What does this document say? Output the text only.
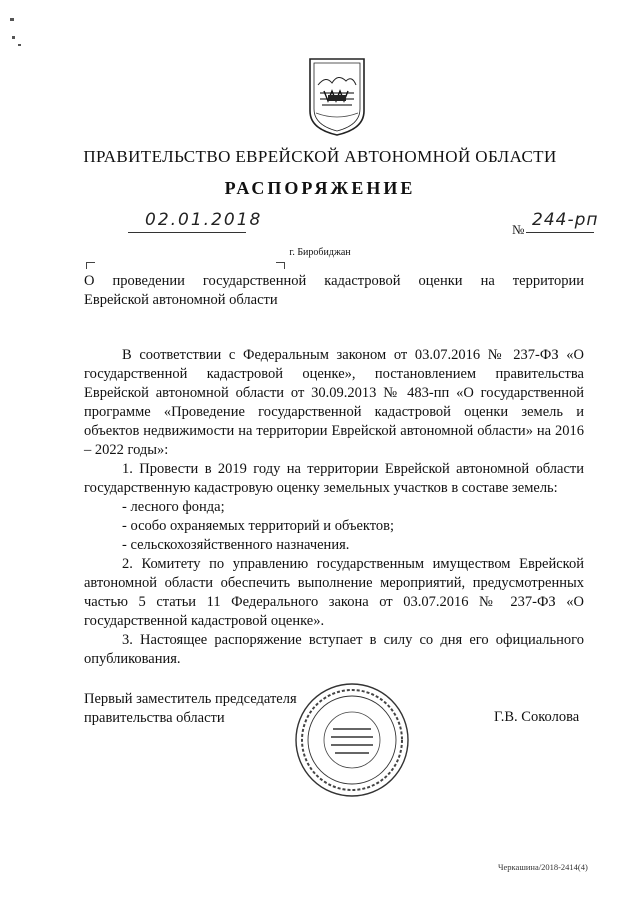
ПРАВИТЕЛЬСТВО ЕВРЕЙСКОЙ АВТОНОМНОЙ ОБЛАСТИ
РАСПОРЯЖЕНИЕ
02.01.2018	№ 244-рп
г. Биробиджан
О проведении государственной кадастровой оценки на территории
Еврейской автономной области

В соответствии с Федеральным законом от 03.07.2016 № 237-ФЗ «О государственной кадастровой оценке», постановлением правительства Еврейской автономной области от 30.09.2013 № 483-пп «О государственной программе «Проведение государственной кадастровой оценки земель и объектов недвижимости на территории Еврейской автономной области» на 2016 – 2022 годы»:

1. Провести в 2019 году на территории Еврейской автономной области государственную кадастровую оценку земельных участков в составе земель:

- лесного фонда;

- особо охраняемых территорий и объектов;

- сельскохозяйственного назначения.

2. Комитету по управлению государственным имуществом Еврейской автономной области обеспечить выполнение мероприятий, предусмотренных частью 5 статьи 11 Федерального закона от 03.07.2016 № 237-ФЗ «О государственной кадастровой оценке».

3. Настоящее распоряжение вступает в силу со дня его официального опубликования.

Первый заместитель председателя
правительства области	Г.В. Соколова
Черкашина/2018-2414(4)
